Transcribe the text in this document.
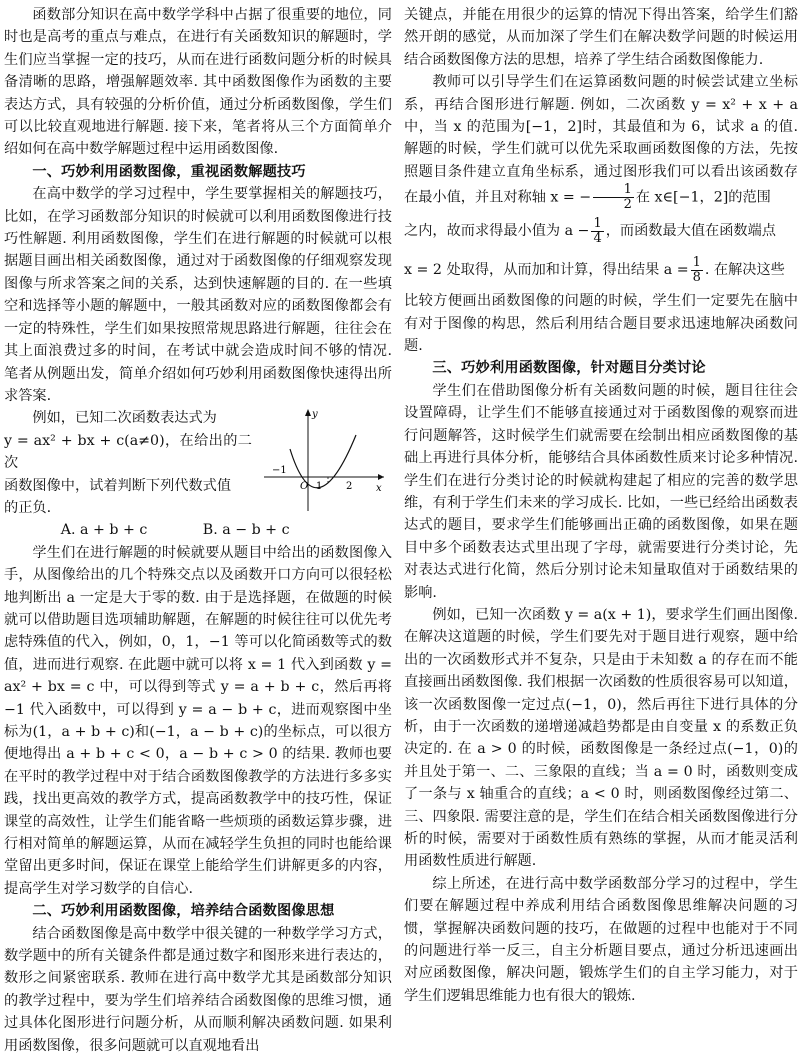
函数部分知识在高中数学学科中占据了很重要的地位，同时也是高考的重点与难点，在进行有关函数知识的解题时，学生们应当掌握一定的技巧，从而在进行函数问题分析的时候具备清晰的思路，增强解题效率. 其中函数图像作为函数的主要表达方式，具有较强的分析价值，通过分析函数图像，学生们可以比较直观地进行解题. 接下来，笔者将从三个方面简单介绍如何在高中数学解题过程中运用函数图像.

一、巧妙利用函数图像，重视函数解题技巧

在高中数学的学习过程中，学生要掌握相关的解题技巧，比如，在学习函数部分知识的时候就可以利用函数图像进行技巧性解题. 利用函数图像，学生们在进行解题的时候就可以根据题目画出相关函数图像，通过对于函数图像的仔细观察发现图像与所求答案之间的关系，达到快速解题的目的. 在一些填空和选择等小题的解题中，一般其函数对应的函数图像都会有一定的特殊性，学生们如果按照常规思路进行解题，往往会在其上面浪费过多的时间，在考试中就会造成时间不够的情况. 笔者从例题出发，简单介绍如何巧妙利用函数图像快速得出所求答案.

例如，已知二次函数表达式为

y = ax² + bx + c(a≠0)，在给出的二次

函数图像中，试着判断下列代数式值

的正负.

x
y
−1
O 1 2

A. a + b + c	B. a − b + c

学生们在进行解题的时候就要从题目中给出的函数图像入手，从图像给出的几个特殊交点以及函数开口方向可以很轻松地判断出 a 一定是大于零的数. 由于是选择题，在做题的时候就可以借助题目选项辅助解题，在解题的时候往往可以优先考虑特殊值的代入，例如，0，1，−1 等可以化简函数等式的数值，进而进行观察. 在此题中就可以将 x = 1 代入到函数 y = ax² + bx = c 中，可以得到等式 y = a + b + c，然后再将 −1 代入函数中，可以得到 y = a − b + c，进而观察图中坐标为(1，a + b + c)和(−1，a − b + c)的坐标点，可以很方便地得出 a + b + c < 0，a − b + c > 0 的结果. 教师也要在平时的教学过程中对于结合函数图像教学的方法进行多多实践，找出更高效的教学方式，提高函数教学中的技巧性，保证课堂的高效性，让学生们能省略一些烦琐的函数运算步骤，进行相对简单的解题运算，从而在减轻学生负担的同时也能给课堂留出更多时间，保证在课堂上能给学生们讲解更多的内容，提高学生对学习数学的自信心.

二、巧妙利用函数图像，培养结合函数图像思想

结合函数图像是高中数学中很关键的一种数学学习方式，数学题中的所有关键条件都是通过数字和图形来进行表达的，数形之间紧密联系. 教师在进行高中数学尤其是函数部分知识的教学过程中，要为学生们培养结合函数图像的思维习惯，通过具体化图形进行问题分析，从而顺利解决函数问题. 如果利用函数图像，很多问题就可以直观地看出

关键点，并能在用很少的运算的情况下得出答案，给学生们豁然开朗的感觉，从而加深了学生们在解决数学问题的时候运用结合函数图像方法的思想，培养了学生结合函数图像能力.

教师可以引导学生们在运算函数问题的时候尝试建立坐标系，再结合图形进行解题. 例如，二次函数 y = x² + x + a 中，当 x 的范围为[−1，2]时，其最值和为 6，试求 a 的值. 解题的时候，学生们就可以优先采取画函数图像的方法，先按照题目条件建立直角坐标系，通过图形我们可以看出该函数存在最小值，并且对称轴 x = − $\frac{1}{2}$ 在 x∈[−1，2]的范围

之内，故而求得最小值为 $a - \frac{1}{4}$ ，而函数最大值在函数端点

x = 2 处取得，从而加和计算，得出结果 $a = \frac{1}{8}$ . 在解决这些

比较方便画出函数图像的问题的时候，学生们一定要先在脑中有对于图像的构思，然后利用结合题目要求迅速地解决函数问题.

三、巧妙利用函数图像，针对题目分类讨论

学生们在借助图像分析有关函数问题的时候，题目往往会设置障碍，让学生们不能够直接通过对于函数图像的观察而进行问题解答，这时候学生们就需要在绘制出相应函数图像的基础上再进行具体分析，能够结合具体函数性质来讨论多种情况. 学生们在进行分类讨论的时候就构建起了相应的完善的数学思维，有利于学生们未来的学习成长. 比如，一些已经给出函数表达式的题目，要求学生们能够画出正确的函数图像，如果在题目中多个函数表达式里出现了字母，就需要进行分类讨论，先对表达式进行化简，然后分别讨论未知量取值对于函数结果的影响.

例如，已知一次函数 y = a(x + 1)，要求学生们画出图像. 在解决这道题的时候，学生们要先对于题目进行观察，题中给出的一次函数形式并不复杂，只是由于未知数 a 的存在而不能直接画出函数图像. 我们根据一次函数的性质很容易可以知道，该一次函数图像一定过点(−1，0)，然后再往下进行具体的分析，由于一次函数的递增递减趋势都是由自变量 x 的系数正负决定的. 在 a > 0 的时候，函数图像是一条经过点(−1，0)的并且处于第一、二、三象限的直线；当 a = 0 时，函数则变成了一条与 x 轴重合的直线；a < 0 时，则函数图像经过第二、三、四象限. 需要注意的是，学生们在结合相关函数图像进行分析的时候，需要对于函数性质有熟练的掌握，从而才能灵活利用函数性质进行解题.

综上所述，在进行高中数学函数部分学习的过程中，学生们要在解题过程中养成利用结合函数图像思维解决问题的习惯，掌握解决函数问题的技巧，在做题的过程中也能对于不同的问题进行举一反三，自主分析题目要点，通过分析迅速画出对应函数图像，解决问题，锻炼学生们的自主学习能力，对于学生们逻辑思维能力也有很大的锻炼.
